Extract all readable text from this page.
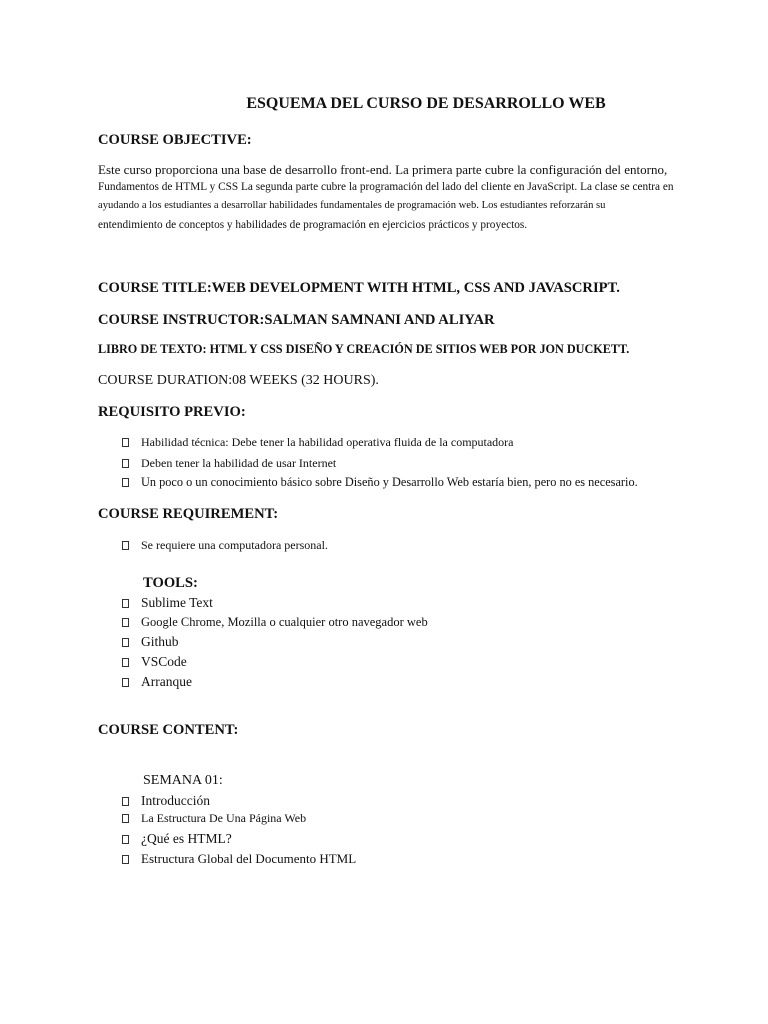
ESQUEMA DEL CURSO DE DESARROLLO WEB
COURSE OBJECTIVE:
Este curso proporciona una base de desarrollo front-end. La primera parte cubre la configuración del entorno,
Fundamentos de HTML y CSS La segunda parte cubre la programación del lado del cliente en JavaScript. La clase se centra en
ayudando a los estudiantes a desarrollar habilidades fundamentales de programación web. Los estudiantes reforzarán su
entendimiento de conceptos y habilidades de programación en ejercicios prácticos y proyectos.
COURSE TITLE:WEB DEVELOPMENT WITH HTML, CSS AND JAVASCRIPT.
COURSE INSTRUCTOR:SALMAN SAMNANI AND ALIYAR
LIBRO DE TEXTO: HTML Y CSS DISEÑO Y CREACIÓN DE SITIOS WEB POR JON DUCKETT.
COURSE DURATION:08 WEEKS (32 HOURS).
REQUISITO PREVIO:
Habilidad técnica: Debe tener la habilidad operativa fluida de la computadora
Deben tener la habilidad de usar Internet
Un poco o un conocimiento básico sobre Diseño y Desarrollo Web estaría bien, pero no es necesario.
COURSE REQUIREMENT:
Se requiere una computadora personal.
TOOLS:
Sublime Text
Google Chrome, Mozilla o cualquier otro navegador web
Github
VSCode
Arranque
COURSE CONTENT:
SEMANA 01:
Introducción
La Estructura De Una Página Web
¿Qué es HTML?
Estructura Global del Documento HTML
